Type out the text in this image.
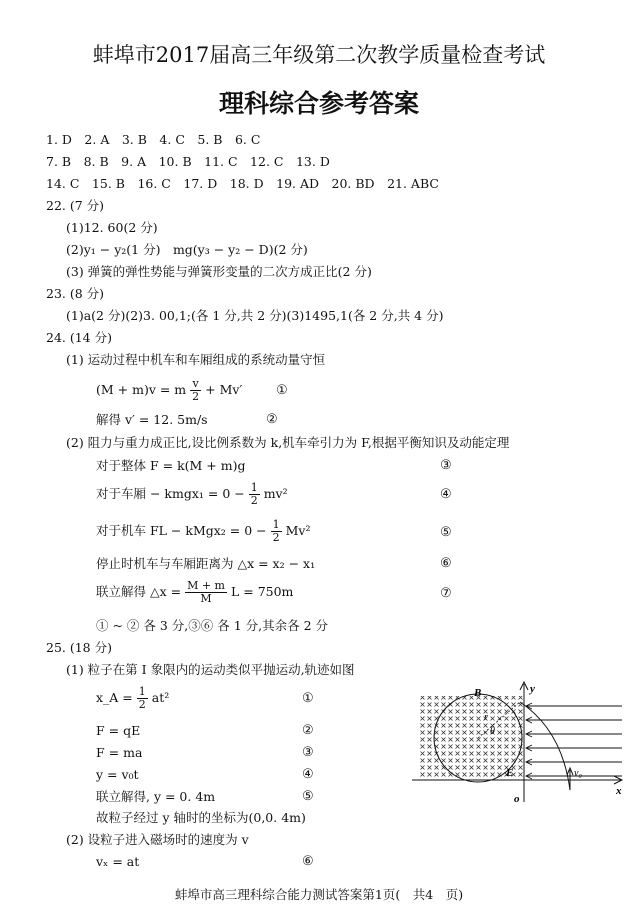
蚌埠市2017届高三年级第二次教学质量检查考试
理科综合参考答案
1. D　2. A　3. B　4. C　5. B　6. C
7. B　8. B　9. A　10. B　11. C　12. C　13. D
14. C　15. B　16. C　17. D　18. D　19. AD　20. BD　21. ABC
22. (7 分)
(1)12. 60(2 分)
(2)y₁ − y₂(1 分)　mg(y₃ − y₂ − D)(2 分)
(3) 弹簧的弹性势能与弹簧形变量的二次方成正比(2 分)
23. (8 分)
(1)a(2 分)(2)3. 00,1;(各 1 分,共 2 分)(3)1495,1(各 2 分,共 4 分)
24. (14 分)
(1) 运动过程中机车和车厢组成的系统动量守恒
(M + m)v = m $\frac{v}{2} + Mv'$	①
解得 v′ = 12. 5m/s	②
(2) 阻力与重力成正比,设比例系数为 k,机车牵引力为 F,根据平衡知识及动能定理
对于整体 F = k(M + m)g	③
对于车厢 − kmgx₁ = $0 - \frac{1}{2} mv^2$	④
对于机车 FL − kMgx₂ = $0 - \frac{1}{2} Mv^2$	⑤
停止时机车与车厢距离为 △x = x₂ − x₁	⑥
联立解得 △x = $\frac{M + m}{M}$ L = 750m	⑦
① ~ ② 各 3 分,③⑥ 各 1 分,其余各 2 分
25. (18 分)
(1) 粒子在第 Ⅰ 象限内的运动类似平抛运动,轨迹如图
x_A = $\frac{1}{2} at^2$	①
F = qE	②
F = ma	③
y = v₀t	④
联立解得, y = 0. 4m	⑤
故粒子经过 y 轴时的坐标为(0,0. 4m)
(2) 设粒子进入磁场时的速度为 v
vₓ = at	⑥
B	y
E
x
o
v₀
θ
r
蚌埠市高三理科综合能力测试答案第1页(　共4　页)
